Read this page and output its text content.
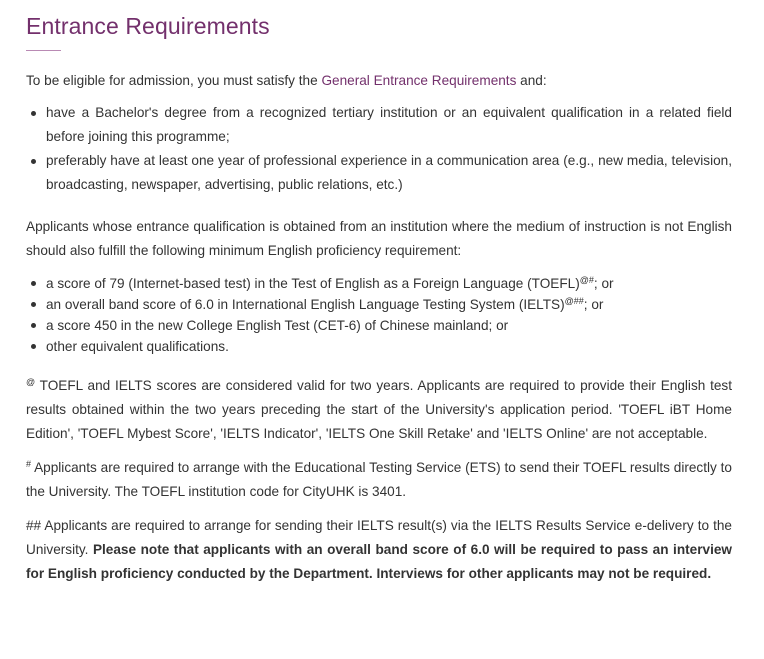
Entrance Requirements

To be eligible for admission, you must satisfy the General Entrance Requirements and:

have a Bachelor's degree from a recognized tertiary institution or an equivalent qualification in a related field before joining this programme;
preferably have at least one year of professional experience in a communication area (e.g., new media, television, broadcasting, newspaper, advertising, public relations, etc.)

Applicants whose entrance qualification is obtained from an institution where the medium of instruction is not English should also fulfill the following minimum English proficiency requirement:

a score of 79 (Internet-based test) in the Test of English as a Foreign Language (TOEFL)@#; or
an overall band score of 6.0 in International English Language Testing System (IELTS)@##; or
a score 450 in the new College English Test (CET-6) of Chinese mainland; or
other equivalent qualifications.

@ TOEFL and IELTS scores are considered valid for two years. Applicants are required to provide their English test results obtained within the two years preceding the start of the University's application period. 'TOEFL iBT Home Edition', 'TOEFL Mybest Score', 'IELTS Indicator', 'IELTS One Skill Retake' and 'IELTS Online' are not acceptable.

# Applicants are required to arrange with the Educational Testing Service (ETS) to send their TOEFL results directly to the University. The TOEFL institution code for CityUHK is 3401.

## Applicants are required to arrange for sending their IELTS result(s) via the IELTS Results Service e-delivery to the University. Please note that applicants with an overall band score of 6.0 will be required to pass an interview for English proficiency conducted by the Department. Interviews for other applicants may not be required.
